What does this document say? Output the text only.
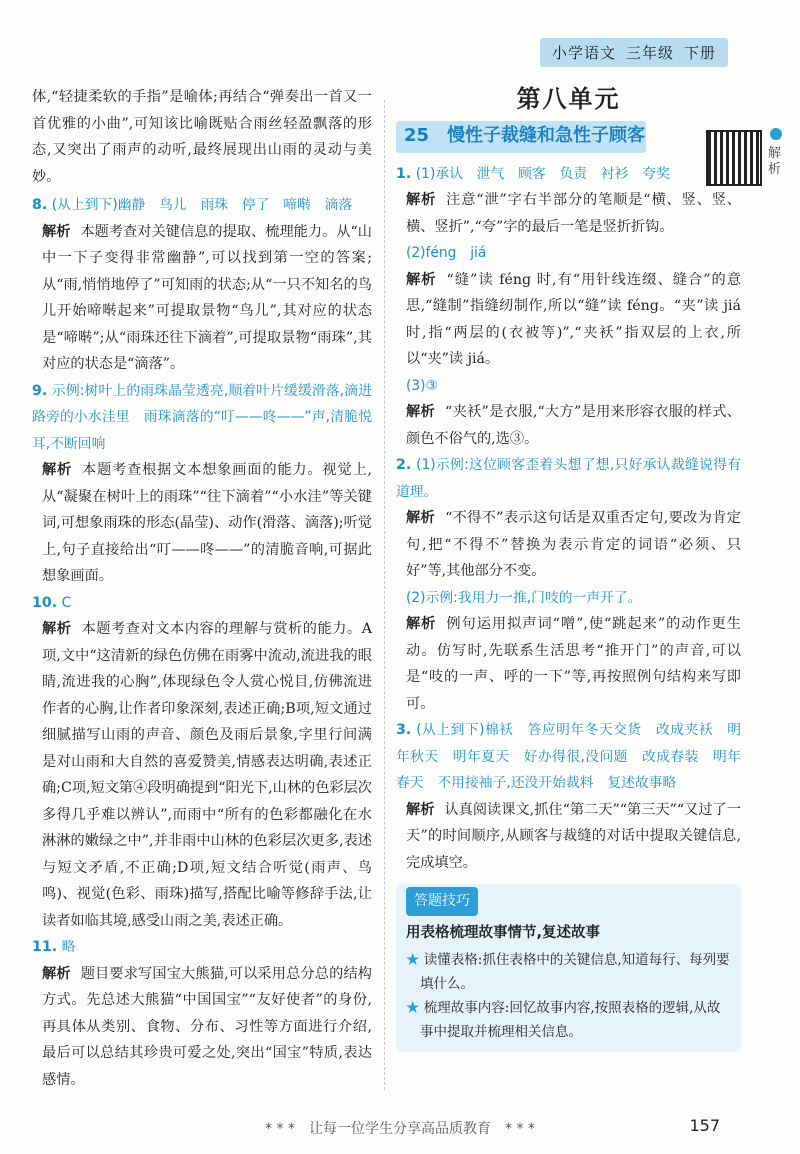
小学语文 三年级 下册

体,“轻捷柔软的手指”是喻体;再结合“弹奏出一首又一首优雅的小曲”,可知该比喻既贴合雨丝轻盈飘落的形态,又突出了雨声的动听,最终展现出山雨的灵动与美妙。

8. (从上到下)幽静　鸟儿　雨珠　停了　啼啭　滴落

解析 本题考查对关键信息的提取、梳理能力。从“山中一下子变得非常幽静”,可以找到第一空的答案;从“雨,悄悄地停了”可知雨的状态;从“一只不知名的鸟儿开始啼啭起来”可提取景物“鸟儿”,其对应的状态是“啼啭”;从“雨珠还往下滴着”,可提取景物“雨珠”,其对应的状态是“滴落”。

9. 示例:树叶上的雨珠晶莹透亮,顺着叶片缓缓滑落,滴进路旁的小水洼里　雨珠滴落的“叮——咚——”声,清脆悦耳,不断回响

解析 本题考查根据文本想象画面的能力。视觉上,从“凝聚在树叶上的雨珠”“往下滴着”“小水洼”等关键词,可想象雨珠的形态(晶莹)、动作(滑落、滴落);听觉上,句子直接给出“叮——咚——”的清脆音响,可据此想象画面。

10. C

解析 本题考查对文本内容的理解与赏析的能力。A项,文中“这清新的绿色仿佛在雨雾中流动,流进我的眼睛,流进我的心胸”,体现绿色令人赏心悦目,仿佛流进作者的心胸,让作者印象深刻,表述正确;B项,短文通过细腻描写山雨的声音、颜色及雨后景象,字里行间满是对山雨和大自然的喜爱赞美,情感表达明确,表述正确;C项,短文第④段明确提到“阳光下,山林的色彩层次多得几乎难以辨认”,而雨中“所有的色彩都融化在水淋淋的嫩绿之中”,并非雨中山林的色彩层次更多,表述与短文矛盾,不正确;D项,短文结合听觉(雨声、鸟鸣)、视觉(色彩、雨珠)描写,搭配比喻等修辞手法,让读者如临其境,感受山雨之美,表述正确。

11. 略

解析 题目要求写国宝大熊猫,可以采用总分总的结构方式。先总述大熊猫“中国国宝”“友好使者”的身份,再具体从类别、食物、分布、习性等方面进行介绍,最后可以总结其珍贵可爱之处,突出“国宝”特质,表达感情。

解析
第八单元
25 慢性子裁缝和急性子顾客

1. (1)承认　泄气　顾客　负责　衬衫　夸奖

解析 注意“泄”字右半部分的笔顺是“横、竖、竖、横、竖折”,“夸”字的最后一笔是竖折折钩。

(2)féng　jiá

解析 “缝”读 féng 时,有“用针线连缀、缝合”的意思,“缝制”指缝纫制作,所以“缝”读 féng。“夹”读 jiá 时,指“两层的(衣被等)”,“夹袄”指双层的上衣,所以“夹”读 jiá。

(3)③

解析 “夹袄”是衣服,“大方”是用来形容衣服的样式、颜色不俗气的,选③。

2. (1)示例:这位顾客歪着头想了想,只好承认裁缝说得有道理。

解析 “不得不”表示这句话是双重否定句,要改为肯定句,把“不得不”替换为表示肯定的词语“必须、只好”等,其他部分不变。

(2)示例:我用力一推,门吱的一声开了。

解析 例句运用拟声词“噌”,使“跳起来”的动作更生动。仿写时,先联系生活思考“推开门”的声音,可以是“吱的一声、呼的一下”等,再按照例句结构来写即可。

3. (从上到下)棉袄　答应明年冬天交货　改成夹袄　明年秋天　明年夏天　好办得很,没问题　改成春装　明年春天　不用接袖子,还没开始裁料　复述故事略

解析 认真阅读课文,抓住“第二天”“第三天”“又过了一天”的时间顺序,从顾客与裁缝的对话中提取关键信息,完成填空。

答题技巧
用表格梳理故事情节,复述故事
★ 读懂表格:抓住表格中的关键信息,知道每行、每列要填什么。
★ 梳理故事内容:回忆故事内容,按照表格的逻辑,从故事中提取并梳理相关信息。
* * *　让每一位学生分享高品质教育　* * *	157
